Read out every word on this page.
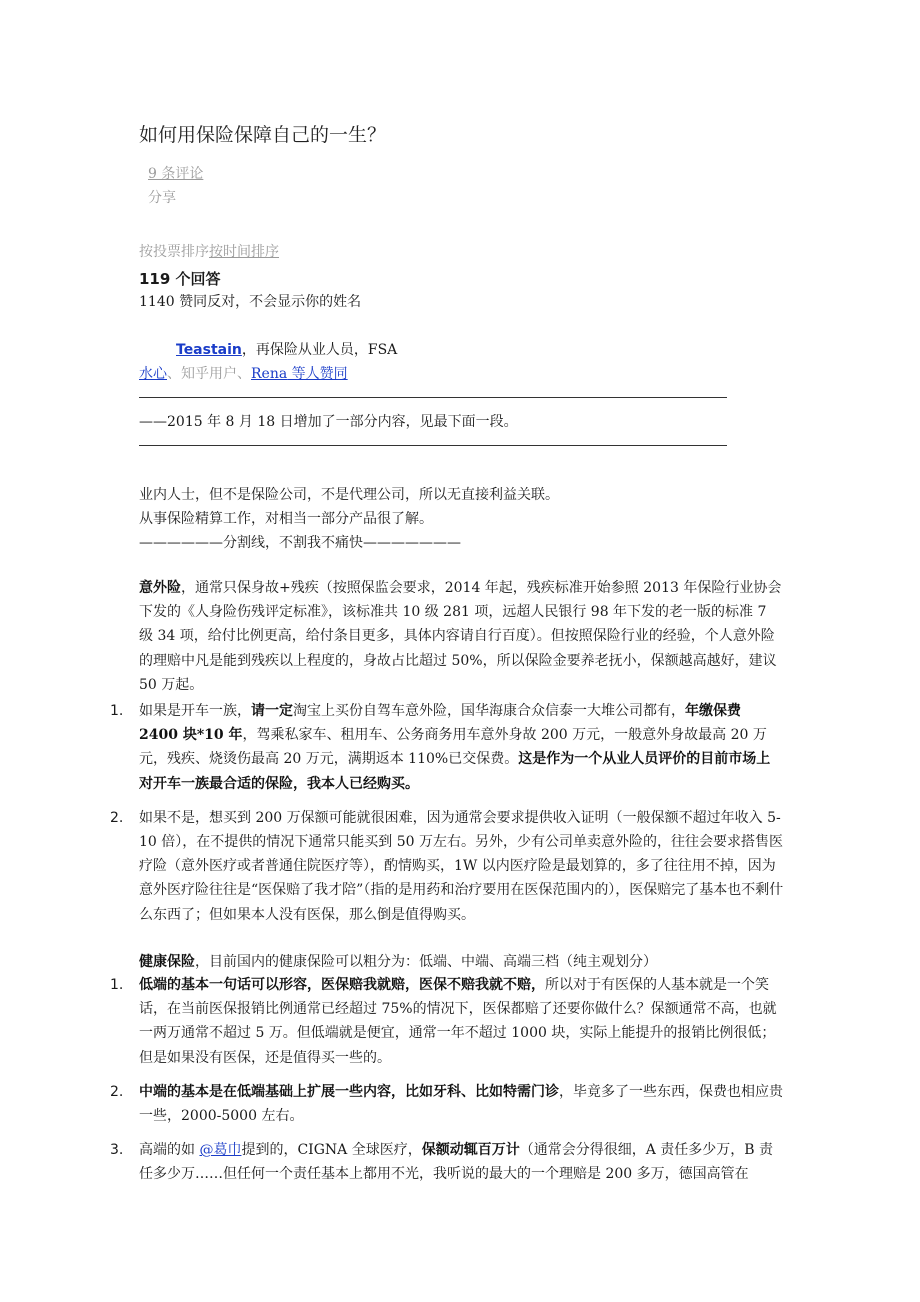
如何用保险保障自己的一生？
9 条评论
分享
按投票排序按时间排序
119 个回答
1140 赞同反对，不会显示你的姓名
Teastain，再保险从业人员，FSA
水心、知乎用户、Rena 等人赞同
——2015 年 8 月 18 日增加了一部分内容，见最下面一段。
业内人士，但不是保险公司，不是代理公司，所以无直接利益关联。
从事保险精算工作，对相当一部分产品很了解。
——————分割线，不割我不痛快———————
意外险，通常只保身故+残疾（按照保监会要求，2014 年起，残疾标准开始参照 2013 年保险行业协会下发的《人身险伤残评定标准》，该标准共 10 级 281 项，远超人民银行 98 年下发的老一版的标准 7 级 34 项，给付比例更高，给付条目更多，具体内容请自行百度）。但按照保险行业的经验，个人意外险的理赔中凡是能到残疾以上程度的，身故占比超过 50%，所以保险金要养老抚小，保额越高越好，建议 50 万起。
1. 如果是开车一族，请一定淘宝上买份自驾车意外险，国华海康合众信泰一大堆公司都有，年缴保费 2400 块*10 年，驾乘私家车、租用车、公务商务用车意外身故 200 万元，一般意外身故最高 20 万元，残疾、烧烫伤最高 20 万元，满期返本 110%已交保费。这是作为一个从业人员评价的目前市场上对开车一族最合适的保险，我本人已经购买。
2. 如果不是，想买到 200 万保额可能就很困难，因为通常会要求提供收入证明（一般保额不超过年收入 5-10 倍），在不提供的情况下通常只能买到 50 万左右。另外，少有公司单卖意外险的，往往会要求搭售医疗险（意外医疗或者普通住院医疗等），酌情购买，1W 以内医疗险是最划算的，多了往往用不掉，因为意外医疗险往往是“医保赔了我才陪”（指的是用药和治疗要用在医保范围内的），医保赔完了基本也不剩什么东西了；但如果本人没有医保，那么倒是值得购买。
健康保险，目前国内的健康保险可以粗分为：低端、中端、高端三档（纯主观划分）
1. 低端的基本一句话可以形容，医保赔我就赔，医保不赔我就不赔，所以对于有医保的人基本就是一个笑话，在当前医保报销比例通常已经超过 75%的情况下，医保都赔了还要你做什么？保额通常不高，也就一两万通常不超过 5 万。但低端就是便宜，通常一年不超过 1000 块，实际上能提升的报销比例很低；但是如果没有医保，还是值得买一些的。
2. 中端的基本是在低端基础上扩展一些内容，比如牙科、比如特需门诊，毕竟多了一些东西，保费也相应贵一些，2000-5000 左右。
3. 高端的如 @葛巾提到的，CIGNA 全球医疗，保额动辄百万计（通常会分得很细，A 责任多少万，B 责任多少万……但任何一个责任基本上都用不光，我听说的最大的一个理赔是 200 多万，德国高管在
